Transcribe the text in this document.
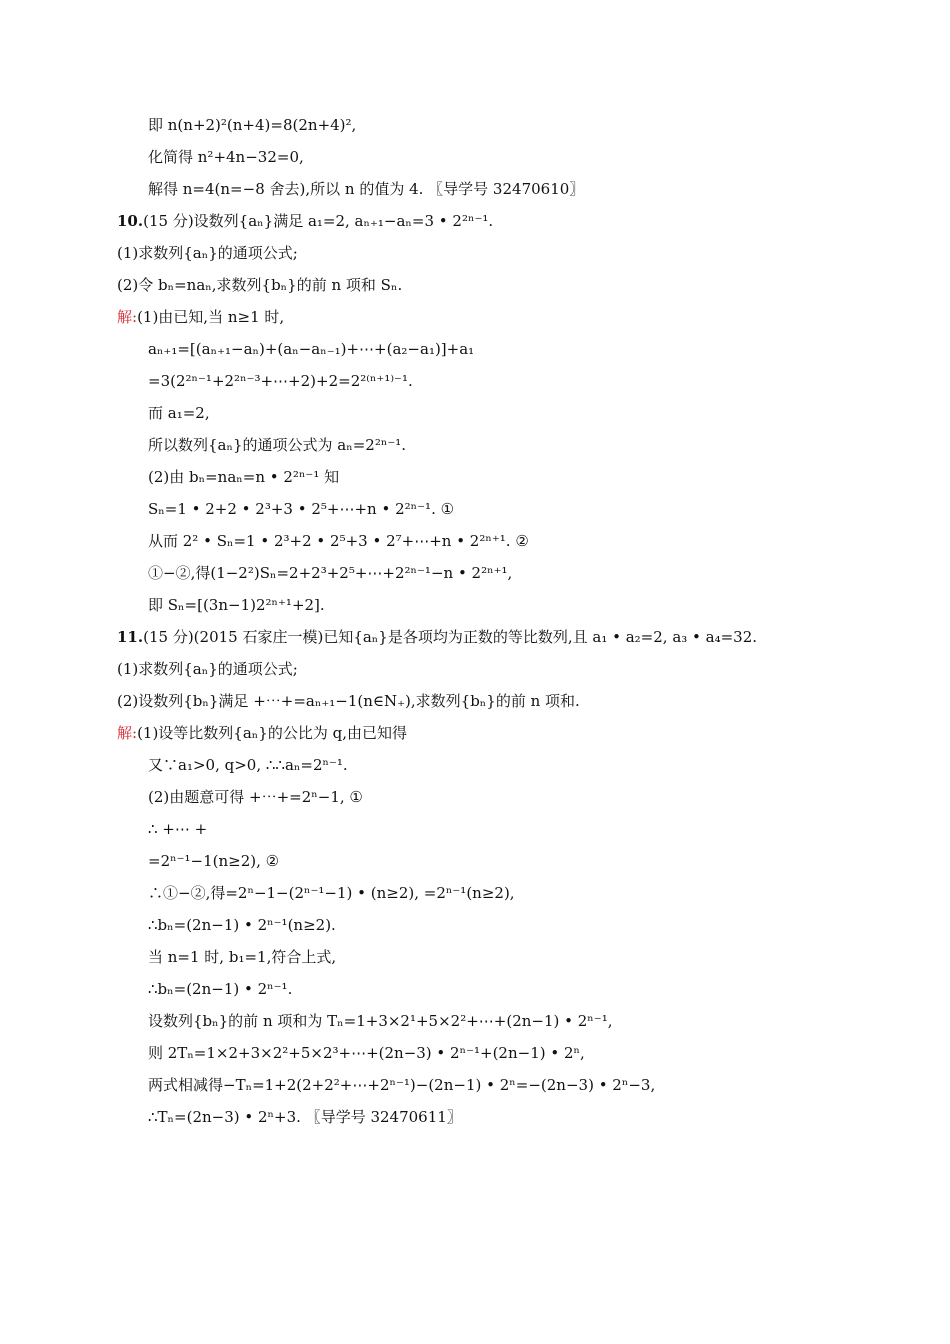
即 n(n+2)²(n+4)=8(2n+4)²,
化简得 n²+4n−32=0,
解得 n=4(n=−8 舍去),所以 n 的值为 4. 〖导学号 32470610〗
10.(15 分)设数列{aₙ}满足 a₁=2, aₙ₊₁−aₙ=3 • 2²ⁿ⁻¹.
(1)求数列{aₙ}的通项公式;
(2)令 bₙ=naₙ,求数列{bₙ}的前 n 项和 Sₙ.
解:(1)由已知,当 n≥1 时,
aₙ₊₁=[(aₙ₊₁−aₙ)+(aₙ−aₙ₋₁)+⋯+(a₂−a₁)]+a₁
=3(2²ⁿ⁻¹+2²ⁿ⁻³+⋯+2)+2=2²⁽ⁿ⁺¹⁾⁻¹.
而 a₁=2,
所以数列{aₙ}的通项公式为 aₙ=2²ⁿ⁻¹.
(2)由 bₙ=naₙ=n • 2²ⁿ⁻¹ 知
Sₙ=1 • 2+2 • 2³+3 • 2⁵+⋯+n • 2²ⁿ⁻¹. ①
从而 2² • Sₙ=1 • 2³+2 • 2⁵+3 • 2⁷+⋯+n • 2²ⁿ⁺¹. ②
①−②,得(1−2²)Sₙ=2+2³+2⁵+⋯+2²ⁿ⁻¹−n • 2²ⁿ⁺¹,
即 Sₙ=[(3n−1)2²ⁿ⁺¹+2].
11.(15 分)(2015 石家庄一模)已知{aₙ}是各项均为正数的等比数列,且 a₁ • a₂=2, a₃ • a₄=32.
(1)求数列{aₙ}的通项公式;
(2)设数列{bₙ}满足 +⋯+=aₙ₊₁−1(n∈N₊),求数列{bₙ}的前 n 项和.
解:(1)设等比数列{aₙ}的公比为 q,由已知得
又∵a₁>0, q>0, ∴∴aₙ=2ⁿ⁻¹.
(2)由题意可得 +⋯+=2ⁿ−1, ①
∴ +⋯ +
=2ⁿ⁻¹−1(n≥2), ②
∴①−②,得=2ⁿ−1−(2ⁿ⁻¹−1) • (n≥2), =2ⁿ⁻¹(n≥2),
∴bₙ=(2n−1) • 2ⁿ⁻¹(n≥2).
当 n=1 时, b₁=1,符合上式,
∴bₙ=(2n−1) • 2ⁿ⁻¹.
设数列{bₙ}的前 n 项和为 Tₙ=1+3×2¹+5×2²+⋯+(2n−1) • 2ⁿ⁻¹,
则 2Tₙ=1×2+3×2²+5×2³+⋯+(2n−3) • 2ⁿ⁻¹+(2n−1) • 2ⁿ,
两式相减得−Tₙ=1+2(2+2²+⋯+2ⁿ⁻¹)−(2n−1) • 2ⁿ=−(2n−3) • 2ⁿ−3,
∴Tₙ=(2n−3) • 2ⁿ+3. 〖导学号 32470611〗
